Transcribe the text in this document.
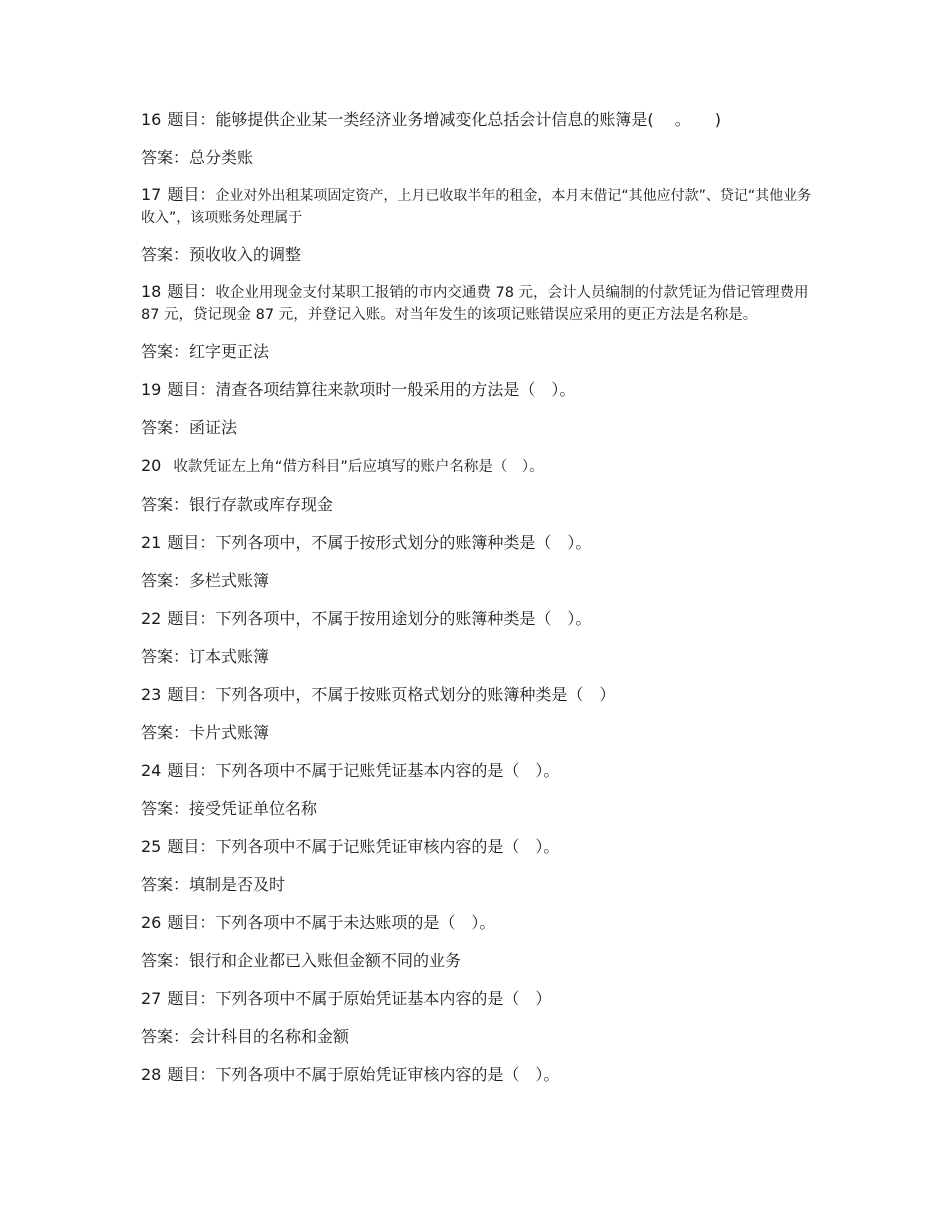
16 题目：能够提供企业某一类经济业务增减变化总括会计信息的账簿是(　 。　　)

答案：总分类账

17 题目：企业对外出租某项固定资产，上月已收取半年的租金，本月末借记“其他应付款”、贷记“其他业务收入”，该项账务处理属于

答案：预收收入的调整

18 题目：收企业用现金支付某职工报销的市内交通费 78 元，会计人员编制的付款凭证为借记管理费用 87 元，贷记现金 87 元，并登记入账。对当年发生的该项记账错误应采用的更正方法是名称是。

答案：红字更正法

19 题目：清查各项结算往来款项时一般采用的方法是（　）。

答案：函证法

20 收款凭证左上角“借方科目”后应填写的账户名称是（　）。

答案：银行存款或库存现金

21 题目：下列各项中，不属于按形式划分的账簿种类是（　）。

答案：多栏式账簿

22 题目：下列各项中，不属于按用途划分的账簿种类是（　）。

答案：订本式账簿

23 题目：下列各项中，不属于按账页格式划分的账簿种类是（　）

答案：卡片式账簿

24 题目：下列各项中不属于记账凭证基本内容的是（　）。

答案：接受凭证单位名称

25 题目：下列各项中不属于记账凭证审核内容的是（　）。

答案：填制是否及时

26 题目：下列各项中不属于未达账项的是（　）。

答案：银行和企业都已入账但金额不同的业务

27 题目：下列各项中不属于原始凭证基本内容的是（　）

答案：会计科目的名称和金额

28 题目：下列各项中不属于原始凭证审核内容的是（　）。
